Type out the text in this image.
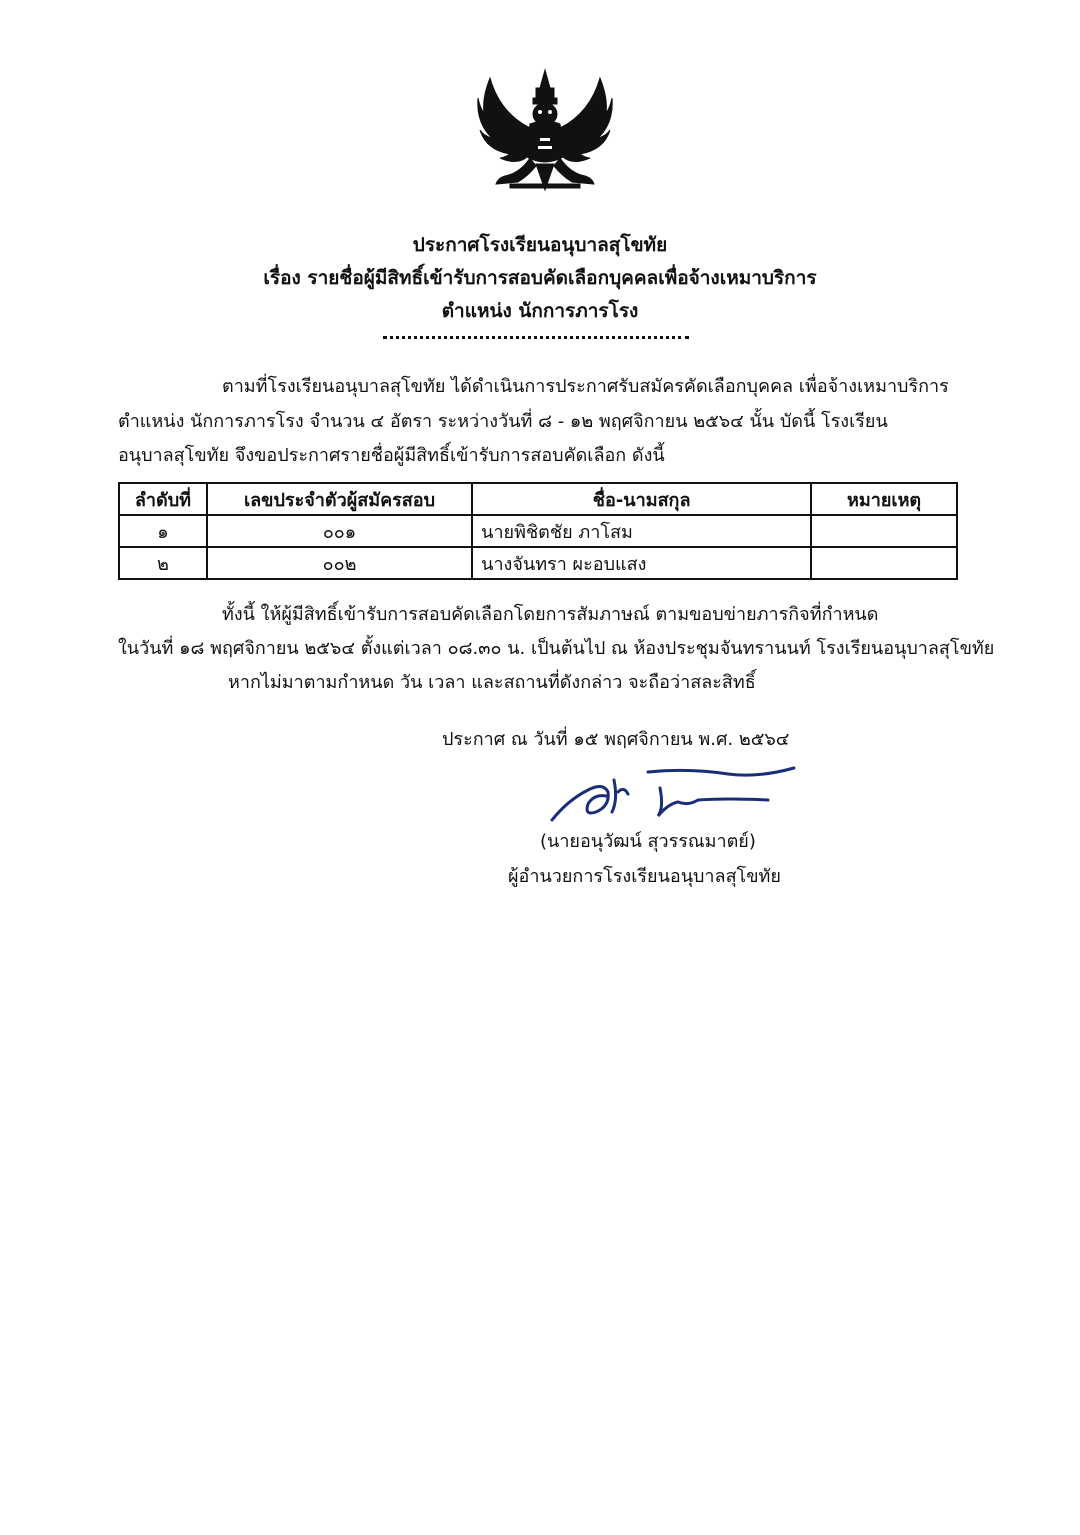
ประกาศโรงเรียนอนุบาลสุโขทัย
เรื่อง รายชื่อผู้มีสิทธิ์เข้ารับการสอบคัดเลือกบุคคลเพื่อจ้างเหมาบริการ
ตำแหน่ง นักการภารโรง
ตามที่โรงเรียนอนุบาลสุโขทัย ได้ดำเนินการประกาศรับสมัครคัดเลือกบุคคล เพื่อจ้างเหมาบริการ
ตำแหน่ง นักการภารโรง จำนวน ๔ อัตรา ระหว่างวันที่ ๘ - ๑๒ พฤศจิกายน ๒๕๖๔ นั้น บัดนี้ โรงเรียน
อนุบาลสุโขทัย จึงขอประกาศรายชื่อผู้มีสิทธิ์เข้ารับการสอบคัดเลือก ดังนี้
ลำดับที่	เลขประจำตัวผู้สมัครสอบ	ชื่อ-นามสกุล	หมายเหตุ
๑	๐๐๑	นายพิชิตชัย ภาโสม	
๒	๐๐๒	นางจันทรา ผะอบแสง	
ทั้งนี้ ให้ผู้มีสิทธิ์เข้ารับการสอบคัดเลือกโดยการสัมภาษณ์ ตามขอบข่ายภารกิจที่กำหนด
ในวันที่ ๑๘ พฤศจิกายน ๒๕๖๔ ตั้งแต่เวลา ๐๘.๓๐ น. เป็นต้นไป ณ ห้องประชุมจันทรานนท์ โรงเรียนอนุบาลสุโขทัย
หากไม่มาตามกำหนด วัน เวลา และสถานที่ดังกล่าว จะถือว่าสละสิทธิ์
ประกาศ ณ วันที่ ๑๕ พฤศจิกายน พ.ศ. ๒๕๖๔
(นายอนุวัฒน์ สุวรรณมาตย์)
ผู้อำนวยการโรงเรียนอนุบาลสุโขทัย
